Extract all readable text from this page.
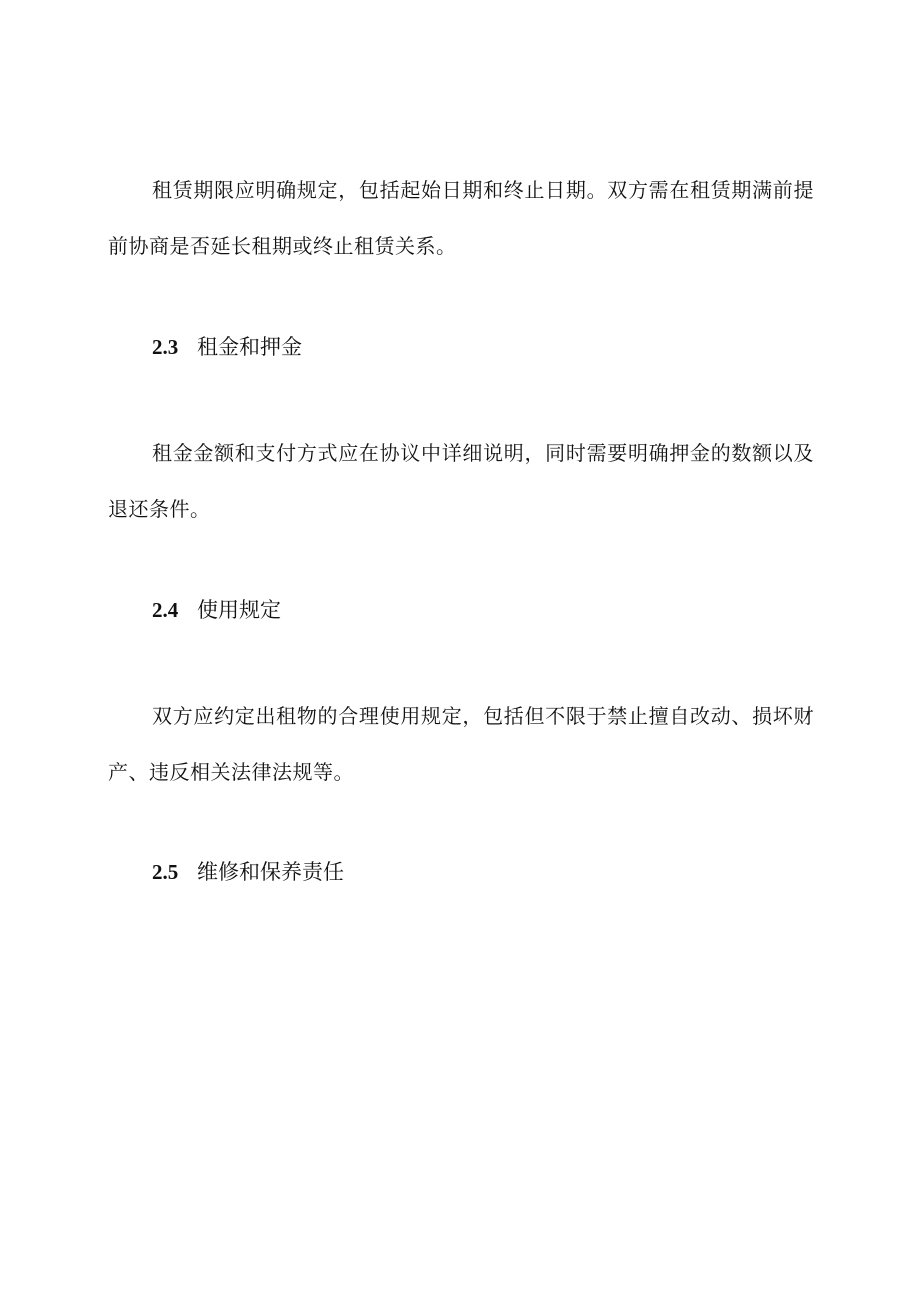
租赁期限应明确规定，包括起始日期和终止日期。双方需在租赁期满前提前协商是否延长租期或终止租赁关系。

2.3 租金和押金

租金金额和支付方式应在协议中详细说明，同时需要明确押金的数额以及退还条件。

2.4 使用规定

双方应约定出租物的合理使用规定，包括但不限于禁止擅自改动、损坏财产、违反相关法律法规等。

2.5 维修和保养责任
